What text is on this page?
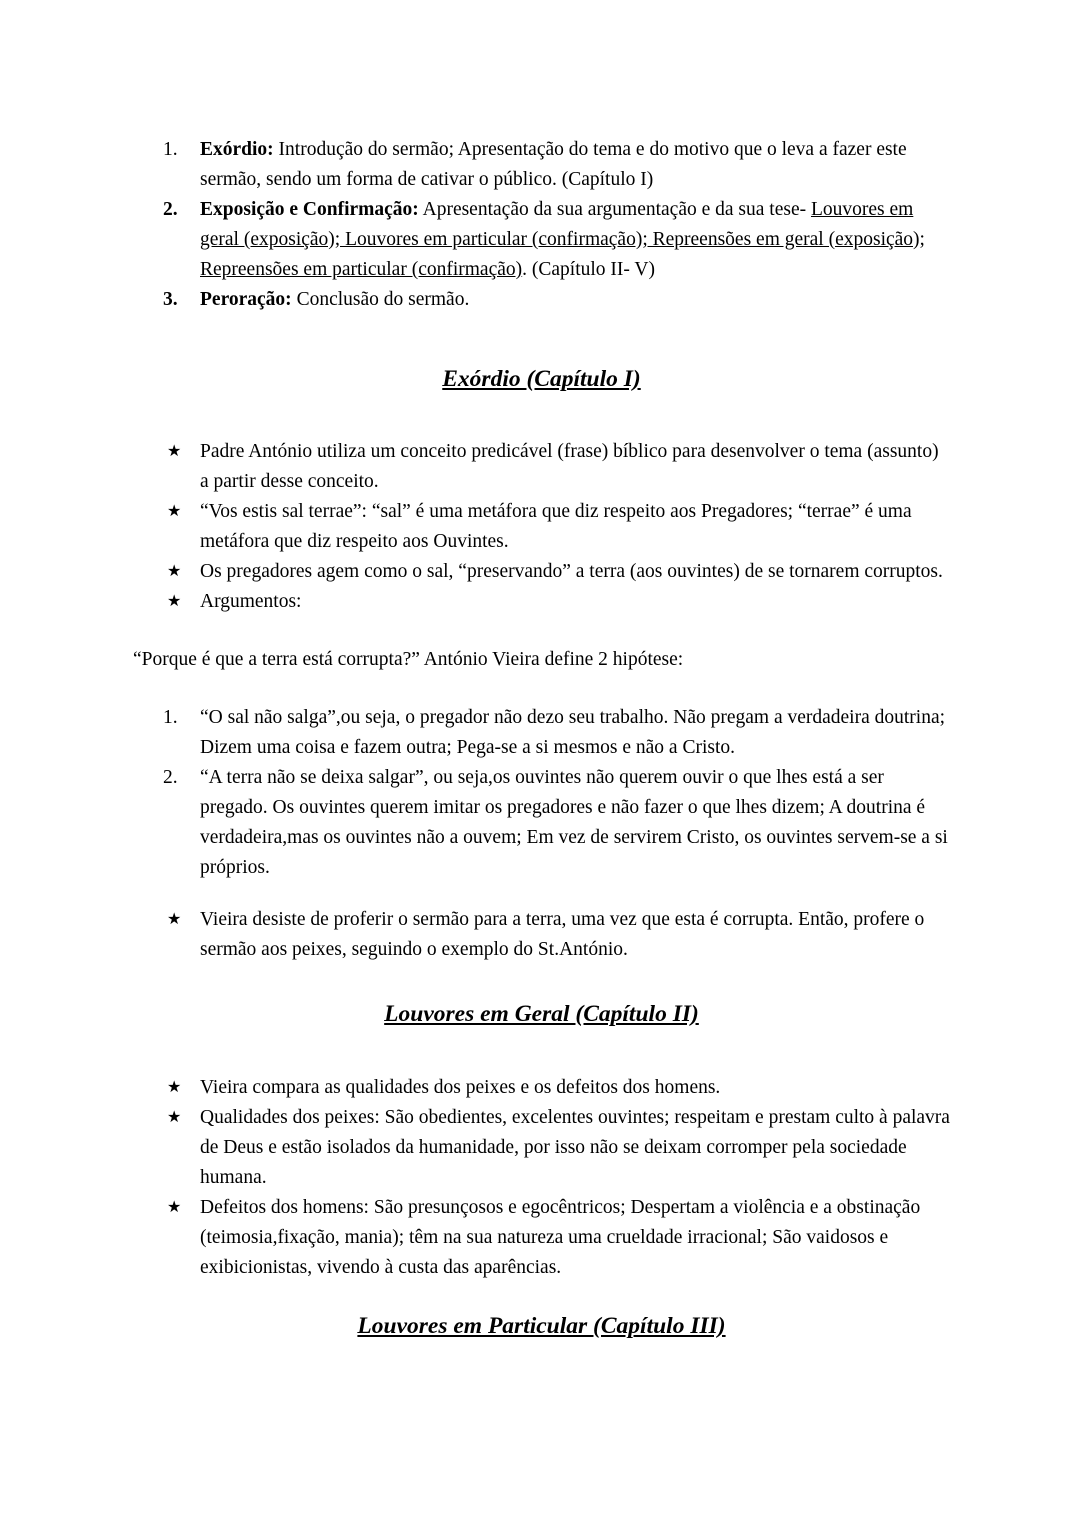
1.	Exórdio: Introdução do sermão; Apresentação do tema e do motivo que o leva a fazer este sermão, sendo um forma de cativar o público. (Capítulo I)
2.	Exposição e Confirmação: Apresentação da sua argumentação e da sua tese- Louvores em geral (exposição); Louvores em particular (confirmação); Repreensões em geral (exposição); Repreensões em particular (confirmação). (Capítulo II- V)
3.	Peroração: Conclusão do sermão.
Exórdio (Capítulo I)
★ Padre António utiliza um conceito predicável (frase) bíblico para desenvolver o tema (assunto) a partir desse conceito.
★ “Vos estis sal terrae”: “sal” é uma metáfora que diz respeito aos Pregadores; “terrae” é uma metáfora que diz respeito aos Ouvintes.
★ Os pregadores agem como o sal, “preservando” a terra (aos ouvintes) de se tornarem corruptos.
★ Argumentos:

“Porque é que a terra está corrupta?” António Vieira define 2 hipótese:

1.	“O sal não salga”,ou seja, o pregador não dezo seu trabalho. Não pregam a verdadeira doutrina; Dizem uma coisa e fazem outra; Pega-se a si mesmos e não a Cristo.
2.	“A terra não se deixa salgar”, ou seja,os ouvintes não querem ouvir o que lhes está a ser pregado. Os ouvintes querem imitar os pregadores e não fazer o que lhes dizem; A doutrina é verdadeira,mas os ouvintes não a ouvem; Em vez de servirem Cristo, os ouvintes servem-se a si próprios.
★ Vieira desiste de proferir o sermão para a terra, uma vez que esta é corrupta. Então, profere o sermão aos peixes, seguindo o exemplo do St.António.
Louvores em Geral (Capítulo II)
★ Vieira compara as qualidades dos peixes e os defeitos dos homens.
★ Qualidades dos peixes: São obedientes, excelentes ouvintes; respeitam e prestam culto à palavra de Deus e estão isolados da humanidade, por isso não se deixam corromper pela sociedade humana.
★ Defeitos dos homens: São presunçosos e egocêntricos; Despertam a violência e a obstinação (teimosia,fixação, mania); têm na sua natureza uma crueldade irracional; São vaidosos e exibicionistas, vivendo à custa das aparências.
Louvores em Particular (Capítulo III)
